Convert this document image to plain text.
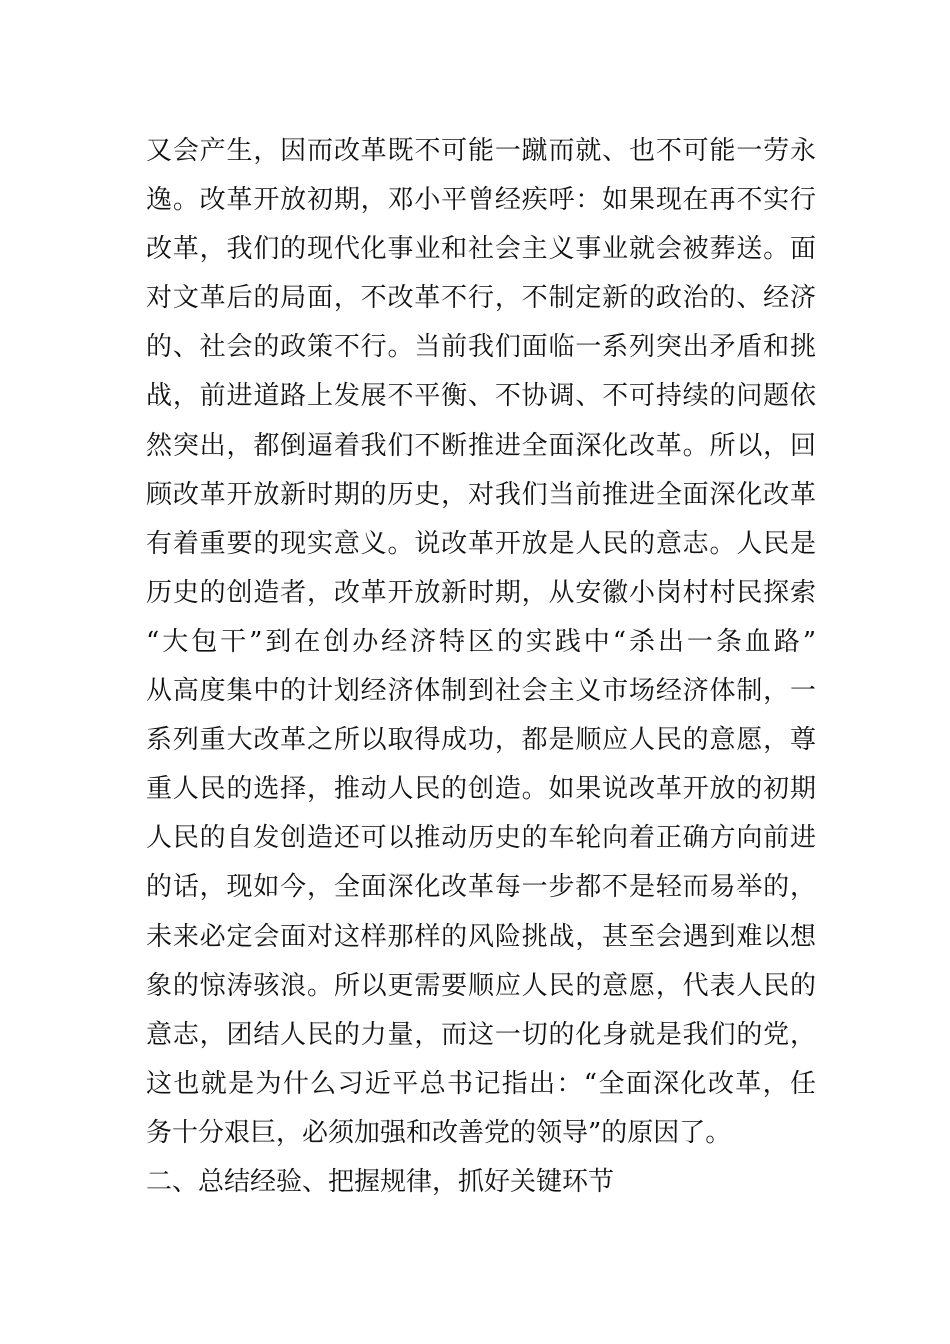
又会产生，因而改革既不可能一蹴而就、也不可能一劳永
逸。改革开放初期，邓小平曾经疾呼：如果现在再不实行
改革，我们的现代化事业和社会主义事业就会被葬送。面
对文革后的局面，不改革不行，不制定新的政治的、经济
的、社会的政策不行。当前我们面临一系列突出矛盾和挑
战，前进道路上发展不平衡、不协调、不可持续的问题依
然突出，都倒逼着我们不断推进全面深化改革。所以，回
顾改革开放新时期的历史，对我们当前推进全面深化改革
有着重要的现实意义。说改革开放是人民的意志。人民是
历史的创造者，改革开放新时期，从安徽小岗村村民探索
“大包干”到在创办经济特区的实践中“杀出一条血路”
从高度集中的计划经济体制到社会主义市场经济体制，一
系列重大改革之所以取得成功，都是顺应人民的意愿，尊
重人民的选择，推动人民的创造。如果说改革开放的初期
人民的自发创造还可以推动历史的车轮向着正确方向前进
的话，现如今，全面深化改革每一步都不是轻而易举的，
未来必定会面对这样那样的风险挑战，甚至会遇到难以想
象的惊涛骇浪。所以更需要顺应人民的意愿，代表人民的
意志，团结人民的力量，而这一切的化身就是我们的党，
这也就是为什么习近平总书记指出：“全面深化改革，任
务十分艰巨，必须加强和改善党的领导”的原因了。
二、总结经验、把握规律，抓好关键环节
